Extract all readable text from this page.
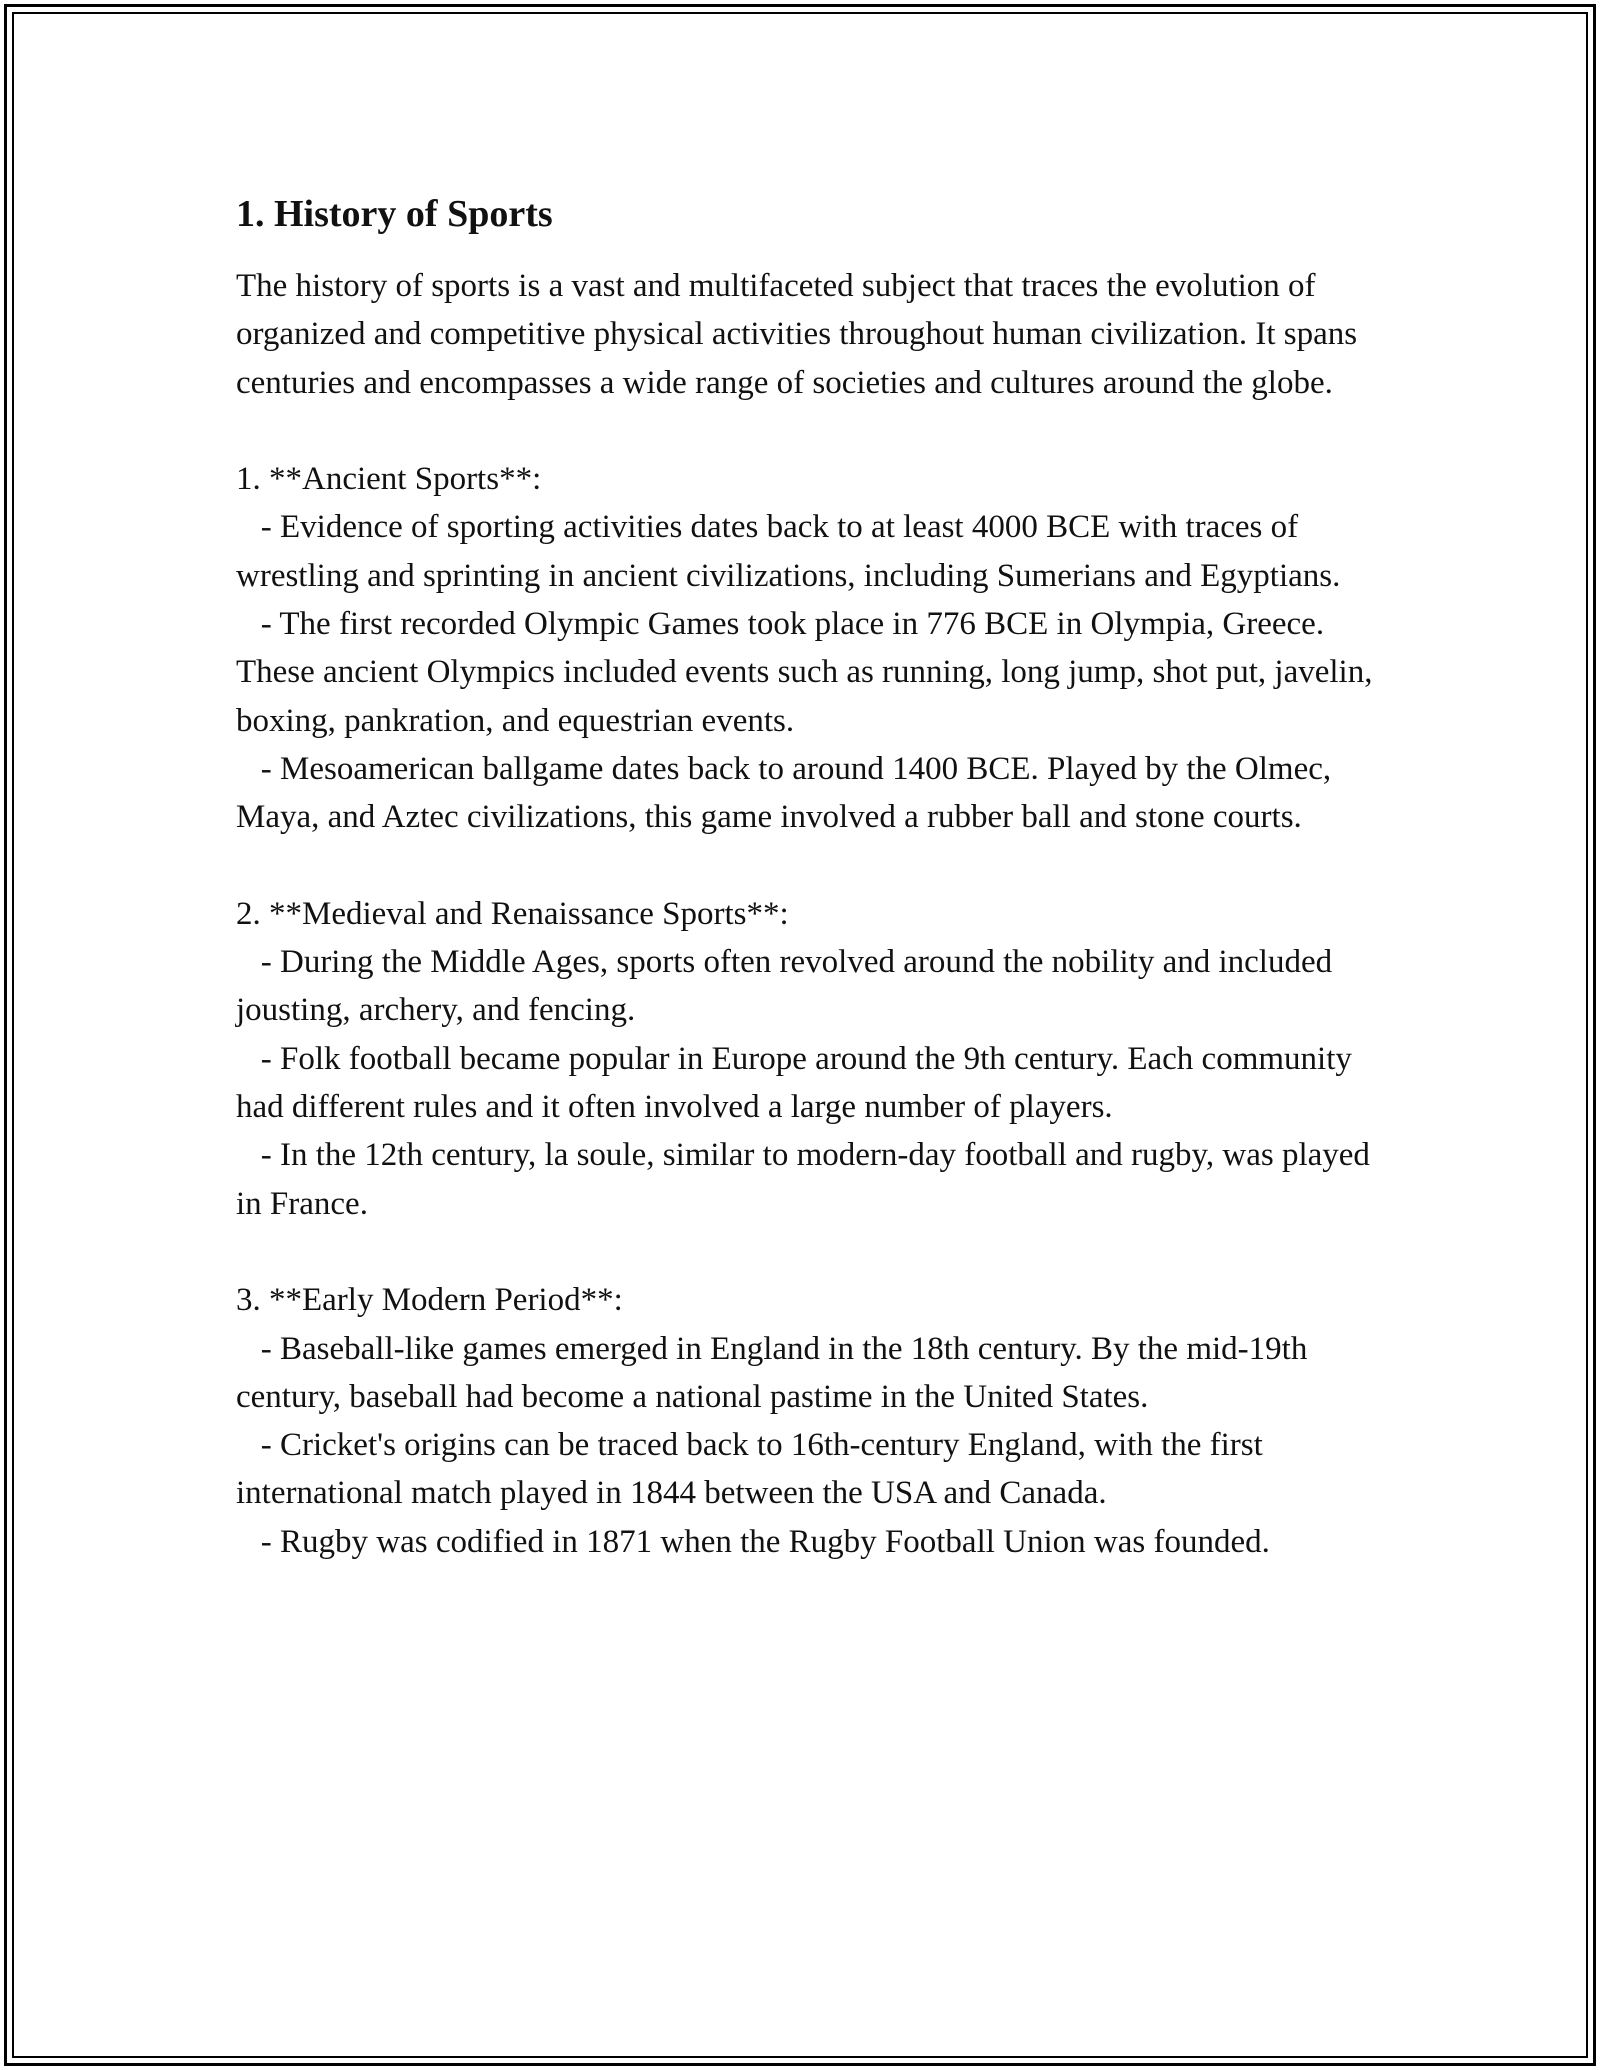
1. History of Sports

The history of sports is a vast and multifaceted subject that traces the evolution of organized and competitive physical activities throughout human civilization. It spans centuries and encompasses a wide range of societies and cultures around the globe.

1. **Ancient Sports**:

- Evidence of sporting activities dates back to at least 4000 BCE with traces of wrestling and sprinting in ancient civilizations, including Sumerians and Egyptians.

- The first recorded Olympic Games took place in 776 BCE in Olympia, Greece. These ancient Olympics included events such as running, long jump, shot put, javelin, boxing, pankration, and equestrian events.

- Mesoamerican ballgame dates back to around 1400 BCE. Played by the Olmec, Maya, and Aztec civilizations, this game involved a rubber ball and stone courts.

2. **Medieval and Renaissance Sports**:

- During the Middle Ages, sports often revolved around the nobility and included jousting, archery, and fencing.

- Folk football became popular in Europe around the 9th century. Each community had different rules and it often involved a large number of players.

- In the 12th century, la soule, similar to modern-day football and rugby, was played in France.

3. **Early Modern Period**:

- Baseball-like games emerged in England in the 18th century. By the mid-19th century, baseball had become a national pastime in the United States.

- Cricket's origins can be traced back to 16th-century England, with the first international match played in 1844 between the USA and Canada.

- Rugby was codified in 1871 when the Rugby Football Union was founded.
